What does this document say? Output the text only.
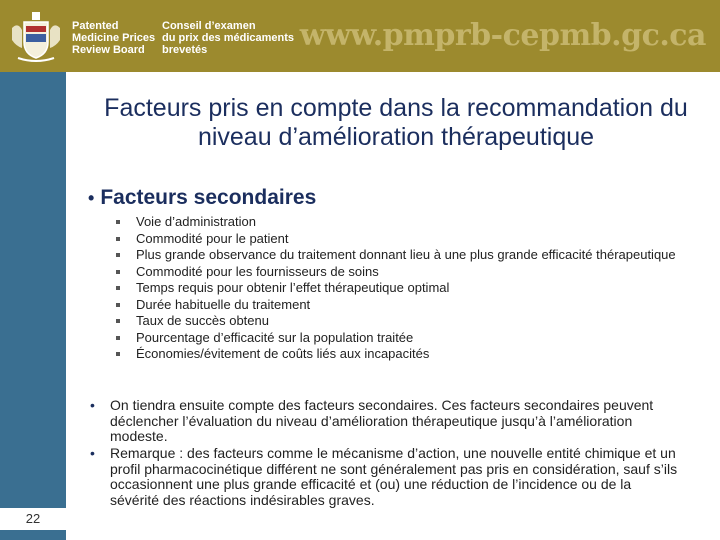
Patented
Medicine Prices
Review Board
Conseil d’examen
du prix des médicaments
brevetés	www.pmprb-cepmb.gc.ca
22
Facteurs pris en compte dans la recommandation du niveau d’amélioration thérapeutique
• Facteurs secondaires
Voie d’administration
Commodité pour le patient
Plus grande observance du traitement donnant lieu à une plus grande efficacité thérapeutique
Commodité pour les fournisseurs de soins
Temps requis pour obtenir l’effet thérapeutique optimal
Durée habituelle du traitement
Taux de succès obtenu
Pourcentage d’efficacité sur la population traitée
Économies/évitement de coûts liés aux incapacités
•	On tiendra ensuite compte des facteurs secondaires. Ces facteurs secondaires peuvent déclencher l’évaluation du niveau d’amélioration thérapeutique jusqu’à l’amélioration modeste.
•	Remarque : des facteurs comme le mécanisme d’action, une nouvelle entité chimique et un profil pharmacocinétique différent ne sont généralement pas pris en considération, sauf s’ils occasionnent une plus grande efficacité et (ou) une réduction de l’incidence ou de la sévérité des réactions indésirables graves.
